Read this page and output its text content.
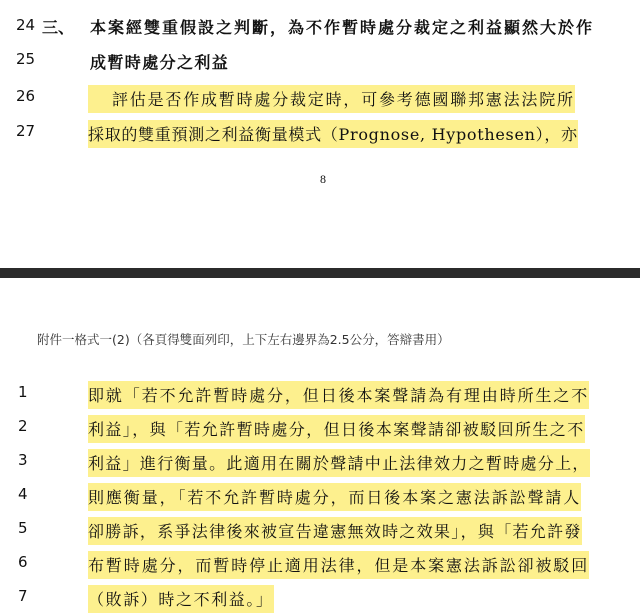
24 三、 本案經雙重假設之判斷，為不作暫時處分裁定之利益顯然大於作
25	成暫時處分之利益
26	評估是否作成暫時處分裁定時，可參考德國聯邦憲法法院所
27	採取的雙重預測之利益衡量模式（Prognose, Hypothesen），亦
8
附件一格式一(2)（各頁得雙面列印，上下左右邊界為2.5公分，答辯書用）
1	即就「若不允許暫時處分，但日後本案聲請為有理由時所生之不
2	利益」，與「若允許暫時處分，但日後本案聲請卻被駁回所生之不
3	利益」進行衡量。此適用在關於聲請中止法律效力之暫時處分上，
4	則應衡量，「若不允許暫時處分，而日後本案之憲法訴訟聲請人
5	卻勝訴，系爭法律後來被宣告違憲無效時之效果」，與「若允許發
6	布暫時處分，而暫時停止適用法律，但是本案憲法訴訟卻被駁回
7	（敗訴）時之不利益。」
